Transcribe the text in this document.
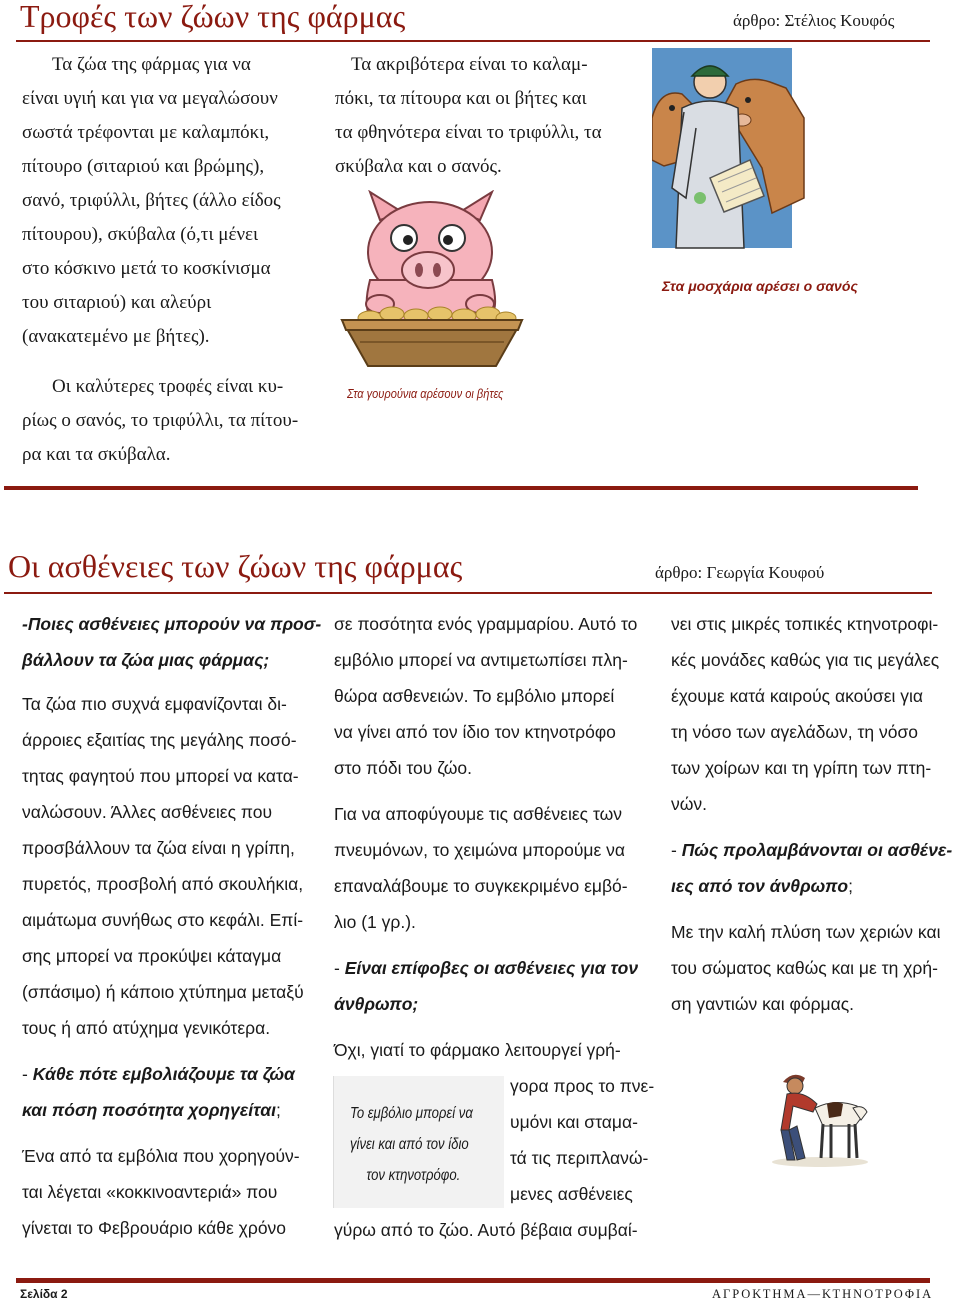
Τροφές των ζώων της φάρμας	άρθρο: Στέλιος Κουφός
Τα ζώα της φάρμας για να
είναι υγιή και για να μεγαλώσουν
σωστά τρέφονται με καλαμπόκι,
πίτουρο (σιταριού και βρώμης),
σανό, τριφύλλι, βήτες (άλλο είδος
πίτουρου), σκύβαλα (ό,τι μένει
στο κόσκινο μετά το κοσκίνισμα
του σιταριού) και αλεύρι
(ανακατεμένο με βήτες).
Οι καλύτερες τροφές είναι κυ-
ρίως ο σανός, το τριφύλλι, τα πίτου-
ρα και τα σκύβαλα.
Τα ακριβότερα είναι το καλαμ-
πόκι, τα πίτουρα και οι βήτες και
τα φθηνότερα είναι το τριφύλλι, τα
σκύβαλα και ο σανός.
Στα γουρούνια αρέσουν οι βήτες
Στα μοσχάρια αρέσει ο σανός
Οι ασθένειες των ζώων της φάρμας	άρθρο: Γεωργία Κουφού
-Ποιες ασθένειες μπορούν να προσ-
βάλλουν τα ζώα μιας φάρμας;
Τα ζώα πιο συχνά εμφανίζονται δι-
άρροιες εξαιτίας της μεγάλης ποσό-
τητας φαγητού που μπορεί να κατα-
ναλώσουν. Άλλες ασθένειες που
προσβάλλουν τα ζώα είναι η γρίπη,
πυρετός, προσβολή από σκουλήκια,
αιμάτωμα συνήθως στο κεφάλι. Επί-
σης μπορεί να προκύψει κάταγμα
(σπάσιμο) ή κάποιο χτύπημα μεταξύ
τους ή από ατύχημα γενικότερα.
- Κάθε πότε εμβολιάζουμε τα ζώα
και πόση ποσότητα χορηγείται;
Ένα από τα εμβόλια που χορηγούν-
ται λέγεται «κοκκινοαντεριά» που
γίνεται το Φεβρουάριο κάθε χρόνο
σε ποσότητα ενός γραμμαρίου. Αυτό το
εμβόλιο μπορεί να αντιμετωπίσει πλη-
θώρα ασθενειών. Το εμβόλιο μπορεί
να γίνει από τον ίδιο τον κτηνοτρόφο
στο πόδι του ζώο.
Για να αποφύγουμε τις ασθένειες των
πνευμόνων, το χειμώνα μπορούμε να
επαναλάβουμε το συγκεκριμένο εμβό-
λιο (1 γρ.).
- Είναι επίφοβες οι ασθένειες για τον
άνθρωπο;
Όχι, γιατί το φάρμακο λειτουργεί γρή-
γορα προς το πνε-
υμόνι και σταμα-
τά τις περιπλανώ-
μενες ασθένειες
γύρω από το ζώο. Αυτό βέβαια συμβαί-
Το εμβόλιο μπορεί να
γίνει και από τον ίδιο
τον κτηνοτρόφο.
νει στις μικρές τοπικές κτηνοτροφι-
κές μονάδες καθώς για τις μεγάλες
έχουμε κατά καιρούς ακούσει για
τη νόσο των αγελάδων, τη νόσο
των χοίρων και τη γρίπη των πτη-
νών.
- Πώς προλαμβάνονται οι ασθένε-
ιες από τον άνθρωπο;
Με την καλή πλύση των χεριών και
του σώματος καθώς και με τη χρή-
ση γαντιών και φόρμας.
Σελίδα 2	ΑΓΡΟΚΤΗΜΑ—ΚΤΗΝΟΤΡΟΦΙΑ
